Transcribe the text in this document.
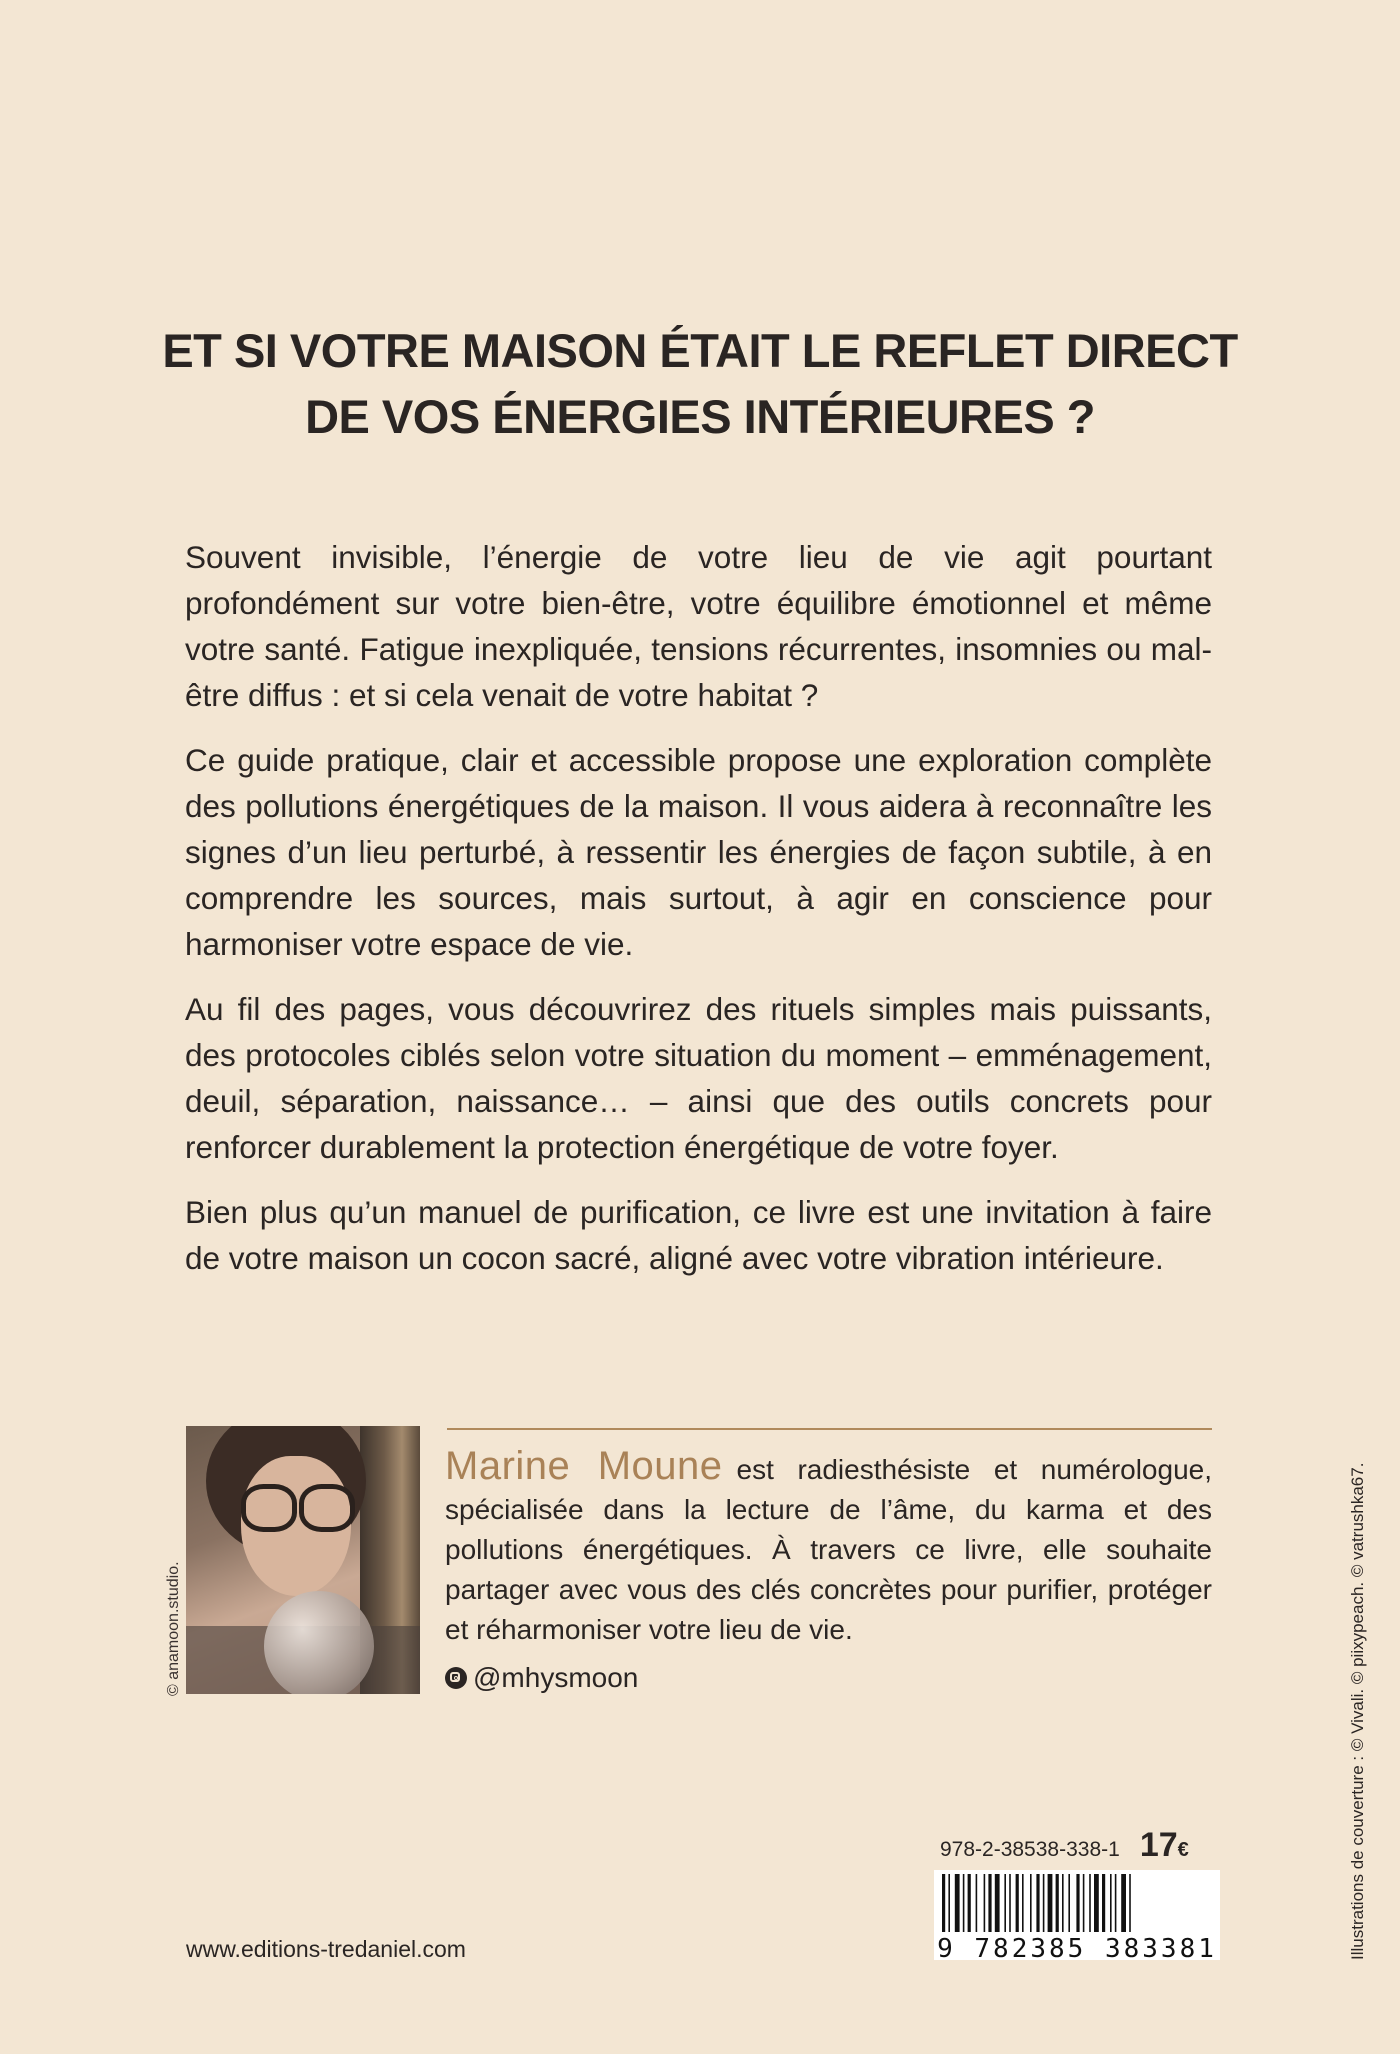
ET SI VOTRE MAISON ÉTAIT LE REFLET DIRECT
DE VOS ÉNERGIES INTÉRIEURES ?

Souvent invisible, l’énergie de votre lieu de vie agit pourtant profondément sur votre bien-être, votre équilibre émotionnel et même votre santé. Fatigue inexpliquée, tensions récurrentes, insomnies ou mal-être diffus : et si cela venait de votre habitat ?

Ce guide pratique, clair et accessible propose une exploration complète des pollutions énergétiques de la maison. Il vous aidera à reconnaître les signes d’un lieu perturbé, à ressentir les énergies de façon subtile, à en comprendre les sources, mais surtout, à agir en conscience pour harmoniser votre espace de vie.

Au fil des pages, vous découvrirez des rituels simples mais puissants, des protocoles ciblés selon votre situation du moment – emménagement, deuil, séparation, naissance… – ainsi que des outils concrets pour renforcer durablement la protection énergétique de votre foyer.

Bien plus qu’un manuel de purification, ce livre est une invitation à faire de votre maison un cocon sacré, aligné avec votre vibration intérieure.

© anamoon.studio.
Marine Moune est radiesthésiste et numérologue, spécialisée dans la lecture de l’âme, du karma et des pollutions énergétiques. À travers ce livre, elle souhaite partager avec vous des clés concrètes pour purifier, protéger et réharmoniser votre lieu de vie.
@mhysmoon	Illustrations de couverture : © Vivali. © piixypeach. © vatrushka67.
978-2-38538-338-1 17€
9 782385 383381
www.editions-tredaniel.com
